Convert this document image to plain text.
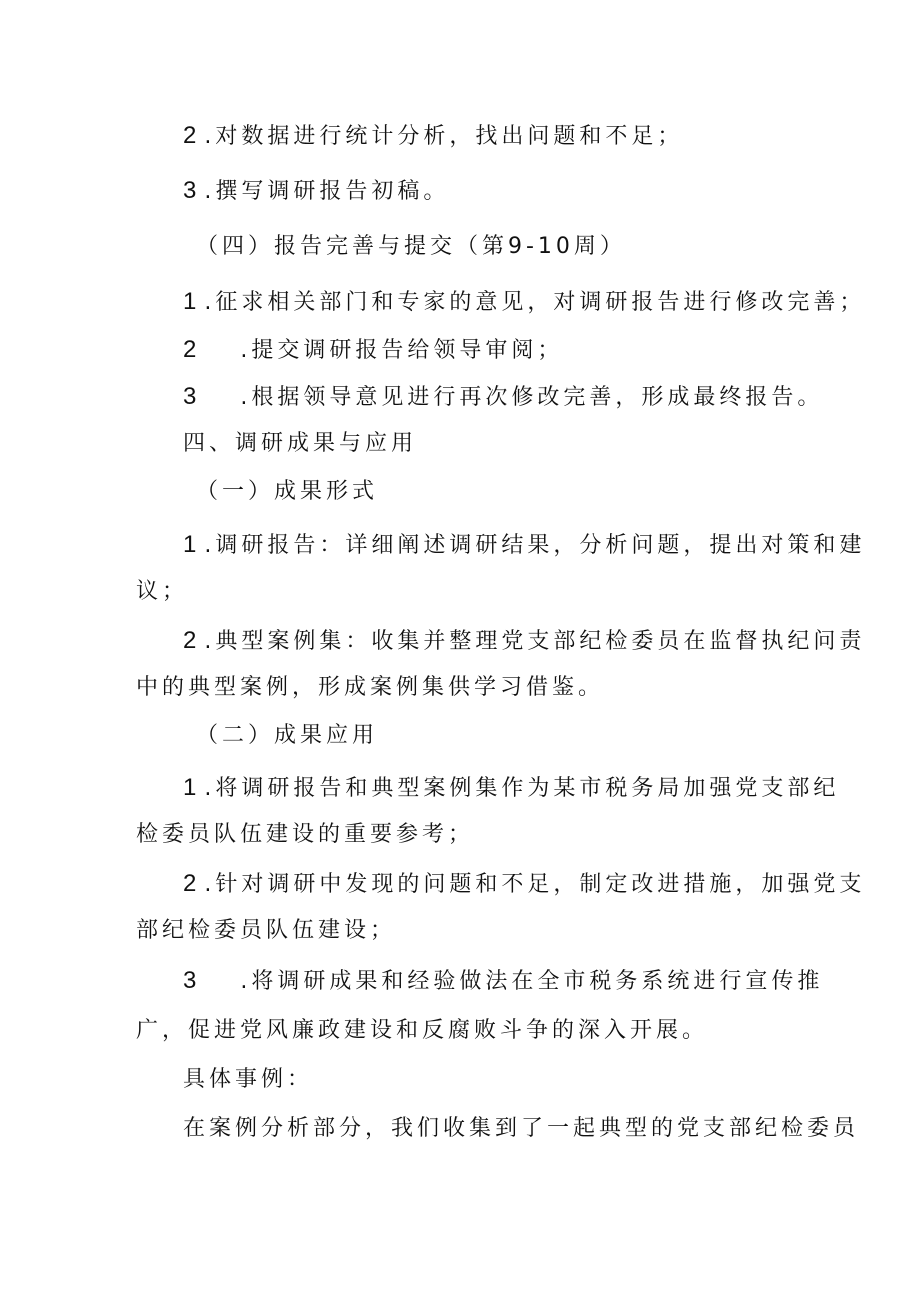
2 .对数据进行统计分析，找出问题和不足；
3 .撰写调研报告初稿。
（四）报告完善与提交（第9-10周）
1 .征求相关部门和专家的意见，对调研报告进行修改完善；
2 .提交调研报告给领导审阅；
3 .根据领导意见进行再次修改完善，形成最终报告。
四、调研成果与应用
（一）成果形式
1 .调研报告：详细阐述调研结果，分析问题，提出对策和建
议；
2 .典型案例集：收集并整理党支部纪检委员在监督执纪问责
中的典型案例，形成案例集供学习借鉴。
（二）成果应用
1 .将调研报告和典型案例集作为某市税务局加强党支部纪
检委员队伍建设的重要参考；
2 .针对调研中发现的问题和不足，制定改进措施，加强党支
部纪检委员队伍建设；
3 .将调研成果和经验做法在全市税务系统进行宣传推
广，促进党风廉政建设和反腐败斗争的深入开展。
具体事例：
在案例分析部分，我们收集到了一起典型的党支部纪检委员
